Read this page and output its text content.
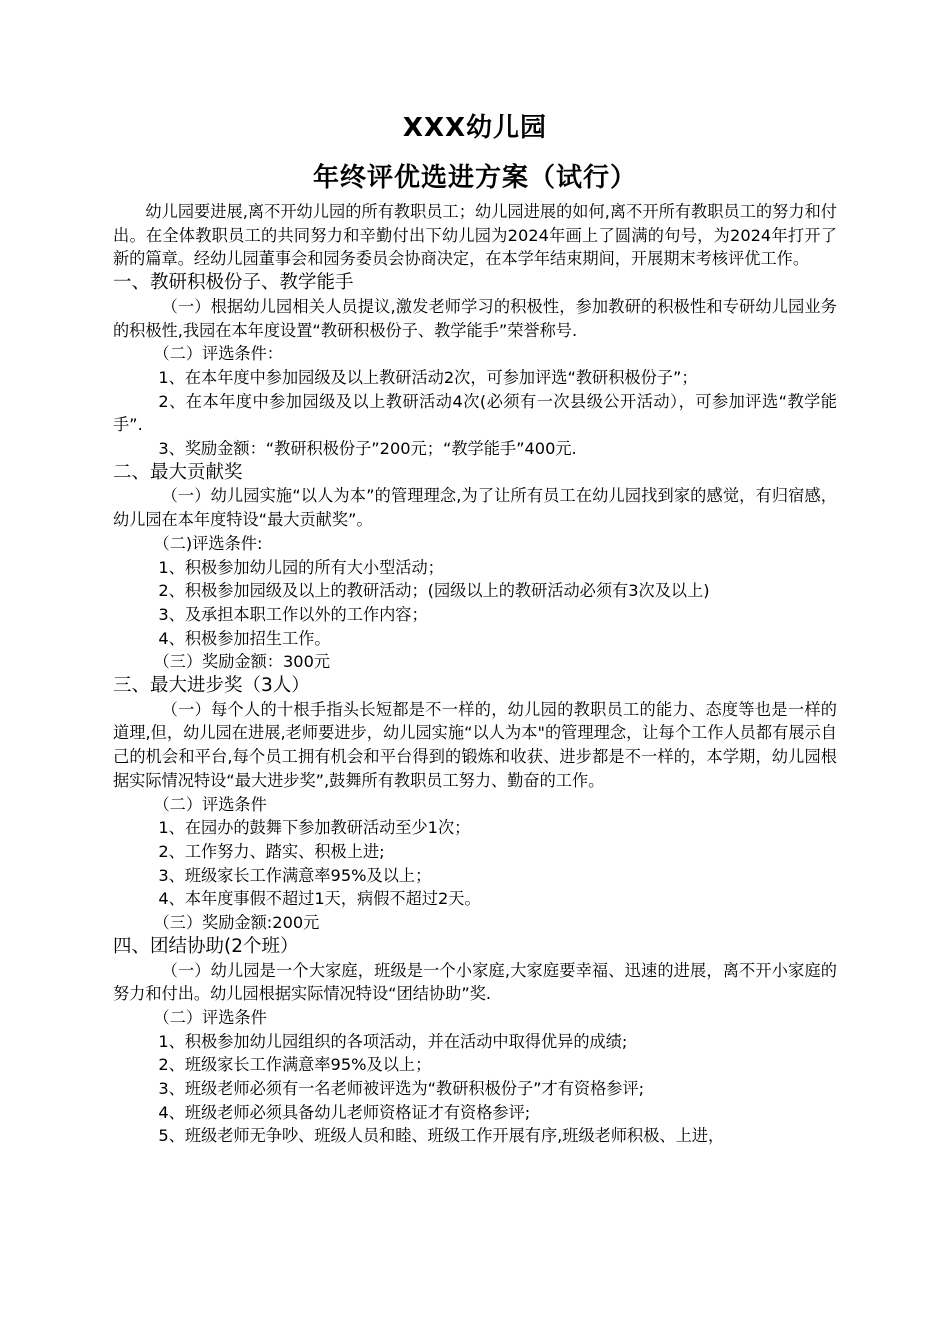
XXX幼儿园
年终评优选进方案（试行）

幼儿园要进展,离不开幼儿园的所有教职员工；幼儿园进展的如何,离不开所有教职员工的努力和付出。在全体教职员工的共同努力和辛勤付出下幼儿园为2024年画上了圆满的句号，为2024年打开了新的篇章。经幼儿园董事会和园务委员会协商决定，在本学年结束期间，开展期末考核评优工作。

一、教研积极份子、教学能手

（一）根据幼儿园相关人员提议,激发老师学习的积极性，参加教研的积极性和专研幼儿园业务的积极性,我园在本年度设置“教研积极份子、教学能手”荣誉称号.

（二）评选条件：

1、在本年度中参加园级及以上教研活动2次，可参加评选“教研积极份子”；

2、在本年度中参加园级及以上教研活动4次(必须有一次县级公开活动），可参加评选“教学能手”.

3、奖励金额：“教研积极份子”200元；“教学能手”400元.

二、最大贡献奖

（一）幼儿园实施“以人为本”的管理理念,为了让所有员工在幼儿园找到家的感觉，有归宿感，幼儿园在本年度特设“最大贡献奖”。

（二)评选条件:

1、积极参加幼儿园的所有大小型活动；

2、积极参加园级及以上的教研活动；(园级以上的教研活动必须有3次及以上)

3、及承担本职工作以外的工作内容；

4、积极参加招生工作。

（三）奖励金额：300元

三、最大进步奖（3人）

（一）每个人的十根手指头长短都是不一样的，幼儿园的教职员工的能力、态度等也是一样的道理,但，幼儿园在进展,老师要进步，幼儿园实施“以人为本"的管理理念，让每个工作人员都有展示自己的机会和平台,每个员工拥有机会和平台得到的锻炼和收获、进步都是不一样的，本学期，幼儿园根据实际情况特设“最大进步奖”,鼓舞所有教职员工努力、勤奋的工作。

（二）评选条件

1、在园办的鼓舞下参加教研活动至少1次；

2、工作努力、踏实、积极上进;

3、班级家长工作满意率95%及以上；

4、本年度事假不超过1天，病假不超过2天。

（三）奖励金额:200元

四、团结协助(2个班）

（一）幼儿园是一个大家庭，班级是一个小家庭,大家庭要幸福、迅速的进展，离不开小家庭的努力和付出。幼儿园根据实际情况特设“团结协助”奖.

（二）评选条件

1、积极参加幼儿园组织的各项活动，并在活动中取得优异的成绩;

2、班级家长工作满意率95%及以上；

3、班级老师必须有一名老师被评选为“教研积极份子”才有资格参评;

4、班级老师必须具备幼儿老师资格证才有资格参评;

5、班级老师无争吵、班级人员和睦、班级工作开展有序,班级老师积极、上进，
